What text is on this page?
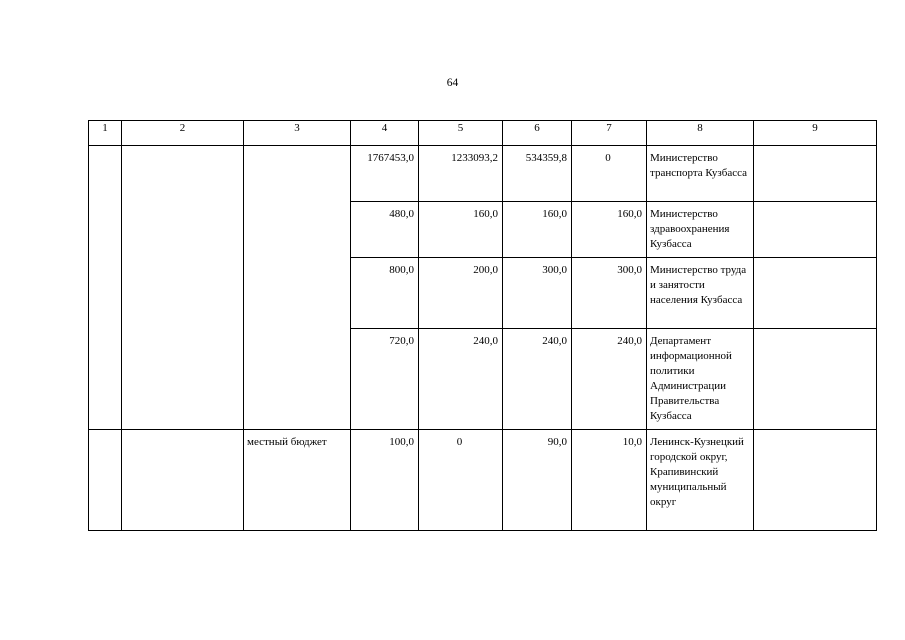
64
1	2	3	4	5	6	7	8	9
			1767453,0	1233093,2	534359,8	0	Министерство транспорта Кузбасса	
			480,0	160,0	160,0	160,0	Министерство здравоохранения Кузбасса	
			800,0	200,0	300,0	300,0	Министерство труда и занятости населения Кузбасса	
			720,0	240,0	240,0	240,0	Департамент информационной политики Администрации Правительства Кузбасса	
		местный бюджет	100,0	0	90,0	10,0	Ленинск-Кузнецкий городской округ, Крапивинский муниципальный округ	
